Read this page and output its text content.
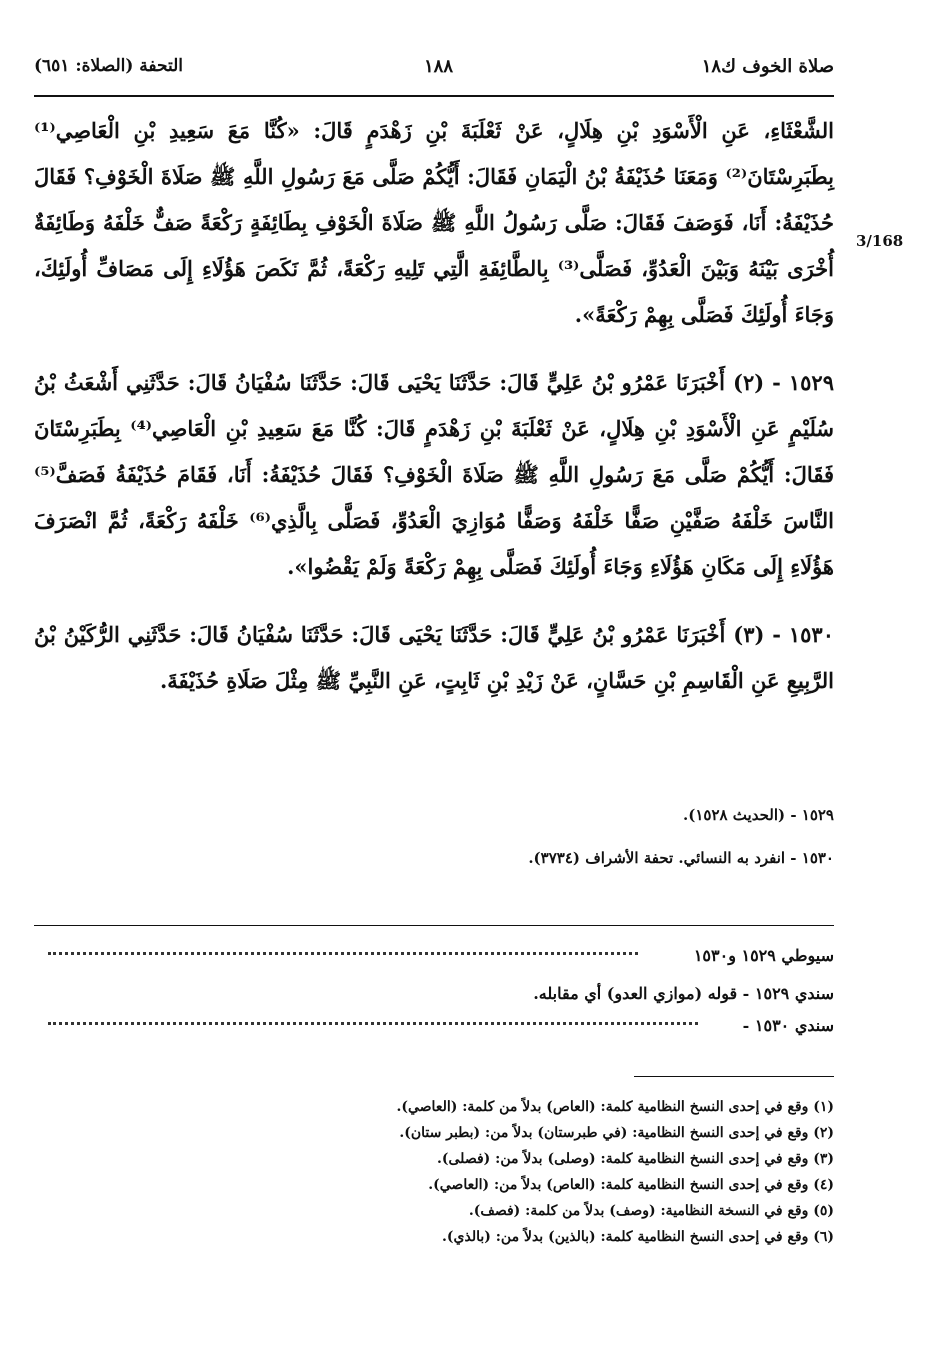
صلاة الخوف ك١٨
١٨٨
التحفة (الصلاة: ٦٥١)
3/168

الشَّعْثَاءِ، عَنِ الْأَسْوَدِ بْنِ هِلَالٍ، عَنْ ثَعْلَبَةَ بْنِ زَهْدَمٍ قَالَ: «كُنَّا مَعَ سَعِيدِ بْنِ الْعَاصِي⁽¹⁾ بِطَبَرِسْتَانَ⁽²⁾ وَمَعَنَا حُذَيْفَةُ بْنُ الْيَمَانِ فَقَالَ: أَيُّكُمْ صَلَّى مَعَ رَسُولِ اللَّهِ ﷺ صَلَاةَ الْخَوْفِ؟ فَقَالَ حُذَيْفَةُ: أَنَا، فَوَصَفَ فَقَالَ: صَلَّى رَسُولُ اللَّهِ ﷺ صَلَاةَ الْخَوْفِ بِطَائِفَةٍ رَكْعَةً صَفٌّ خَلْفَهُ وَطَائِفَةٌ أُخْرَى بَيْنَهُ وَبَيْنَ الْعَدُوِّ، فَصَلَّى⁽³⁾ بِالطَّائِفَةِ الَّتِي تَلِيهِ رَكْعَةً، ثُمَّ نَكَصَ هَؤُلَاءِ إِلَى مَصَافِّ أُولَئِكَ، وَجَاءَ أُولَئِكَ فَصَلَّى بِهِمْ رَكْعَةً».

١٥٢٩ - (٢) أَخْبَرَنَا عَمْرُو بْنُ عَلِيٍّ قَالَ: حَدَّثَنَا يَحْيَى قَالَ: حَدَّثَنَا سُفْيَانُ قَالَ: حَدَّثَنِي أَشْعَثُ بْنُ سُلَيْمٍ عَنِ الْأَسْوَدِ بْنِ هِلَالٍ، عَنْ ثَعْلَبَةَ بْنِ زَهْدَمٍ قَالَ: كُنَّا مَعَ سَعِيدِ بْنِ الْعَاصِي⁽⁴⁾ بِطَبَرِسْتَانَ فَقَالَ: أَيُّكُمْ صَلَّى مَعَ رَسُولِ اللَّهِ ﷺ صَلَاةَ الْخَوْفِ؟ فَقَالَ حُذَيْفَةُ: أَنَا، فَقَامَ حُذَيْفَةُ فَصَفَّ⁽⁵⁾النَّاسَ خَلْفَهُ صَفَّيْنِ صَفًّا خَلْفَهُ وَصَفًّا مُوَازِيَ الْعَدُوِّ، فَصَلَّى بِالَّذِي⁽⁶⁾ خَلْفَهُ رَكْعَةً، ثُمَّ انْصَرَفَ هَؤُلَاءِ إِلَى مَكَانِ هَؤُلَاءِ وَجَاءَ أُولَئِكَ فَصَلَّى بِهِمْ رَكْعَةً وَلَمْ يَقْضُوا».

١٥٣٠ - (٣) أَخْبَرَنَا عَمْرُو بْنُ عَلِيٍّ قَالَ: حَدَّثَنَا يَحْيَى قَالَ: حَدَّثَنَا سُفْيَانُ قَالَ: حَدَّثَنِي الرُّكَيْنُ بْنُ الرَّبِيعِ عَنِ الْقَاسِمِ بْنِ حَسَّانٍ، عَنْ زَيْدِ بْنِ ثَابِتٍ، عَنِ النَّبِيِّ ﷺ مِثْلَ صَلَاةِ حُذَيْفَةَ.

١٥٢٩ - (الحديث ١٥٢٨).
١٥٣٠ - انفرد به النسائي. تحفة الأشراف (٣٧٣٤).
سيوطي ١٥٢٩ و١٥٣٠
سندي ١٥٢٩ - قوله (موازي العدو) أي مقابله.
سندي ١٥٣٠ -
(١) وقع في إحدى النسخ النظامية كلمة: (العاص) بدلاً من كلمة: (العاصي).
(٢) وقع في إحدى النسخ النظامية: (في طبرستان) بدلاً من: (بطبر ستان).
(٣) وقع في إحدى النسخ النظامية كلمة: (وصلى) بدلاً من: (فصلى).
(٤) وقع في إحدى النسخ النظامية كلمة: (العاص) بدلاً من: (العاصي).
(٥) وقع في النسخة النظامية: (وصف) بدلاً من كلمة: (فصف).
(٦) وقع في إحدى النسخ النظامية كلمة: (بالذين) بدلاً من: (بالذي).
